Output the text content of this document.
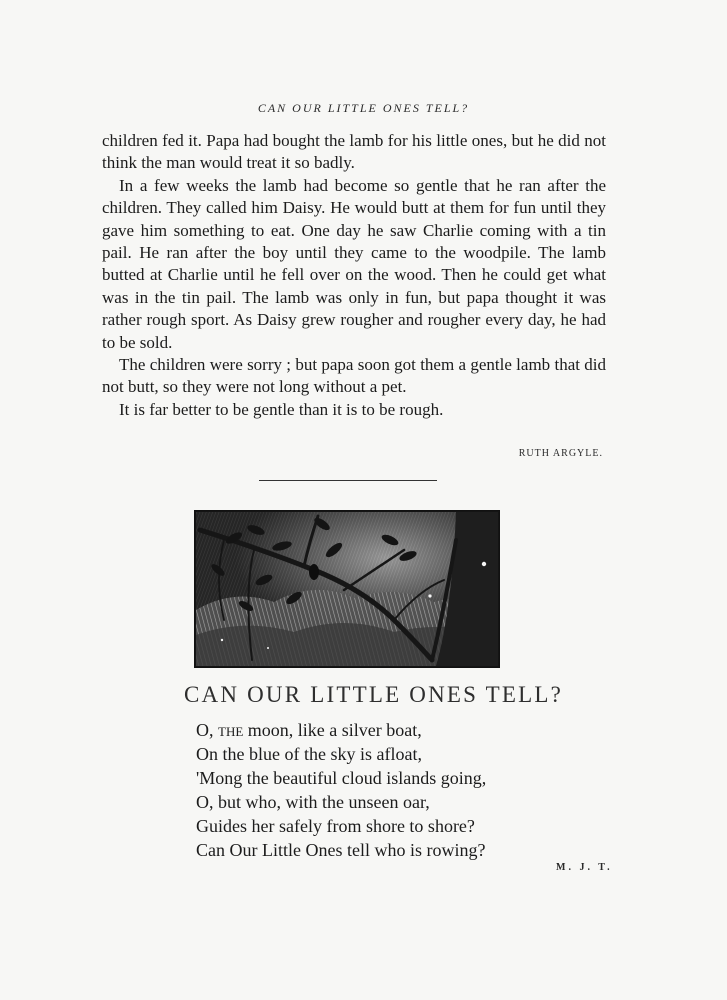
CAN OUR LITTLE ONES TELL?

children fed it. Papa had bought the lamb for his little ones, but he did not think the man would treat it so badly.

In a few weeks the lamb had become so gentle that he ran after the children. They called him Daisy. He would butt at them for fun until they gave him something to eat. One day he saw Charlie coming with a tin pail. He ran after the boy until they came to the woodpile. The lamb butted at Charlie until he fell over on the wood. Then he could get what was in the tin pail. The lamb was only in fun, but papa thought it was rather rough sport. As Daisy grew rougher and rougher every day, he had to be sold.

The children were sorry ; but papa soon got them a gentle lamb that did not butt, so they were not long without a pet.

It is far better to be gentle than it is to be rough.

RUTH ARGYLE.
CAN OUR LITTLE ONES TELL?
O, the moon, like a silver boat,
On the blue of the sky is afloat,
'Mong the beautiful cloud islands going,
O, but who, with the unseen oar,
Guides her safely from shore to shore?
Can Our Little Ones tell who is rowing?
M. J. T.
